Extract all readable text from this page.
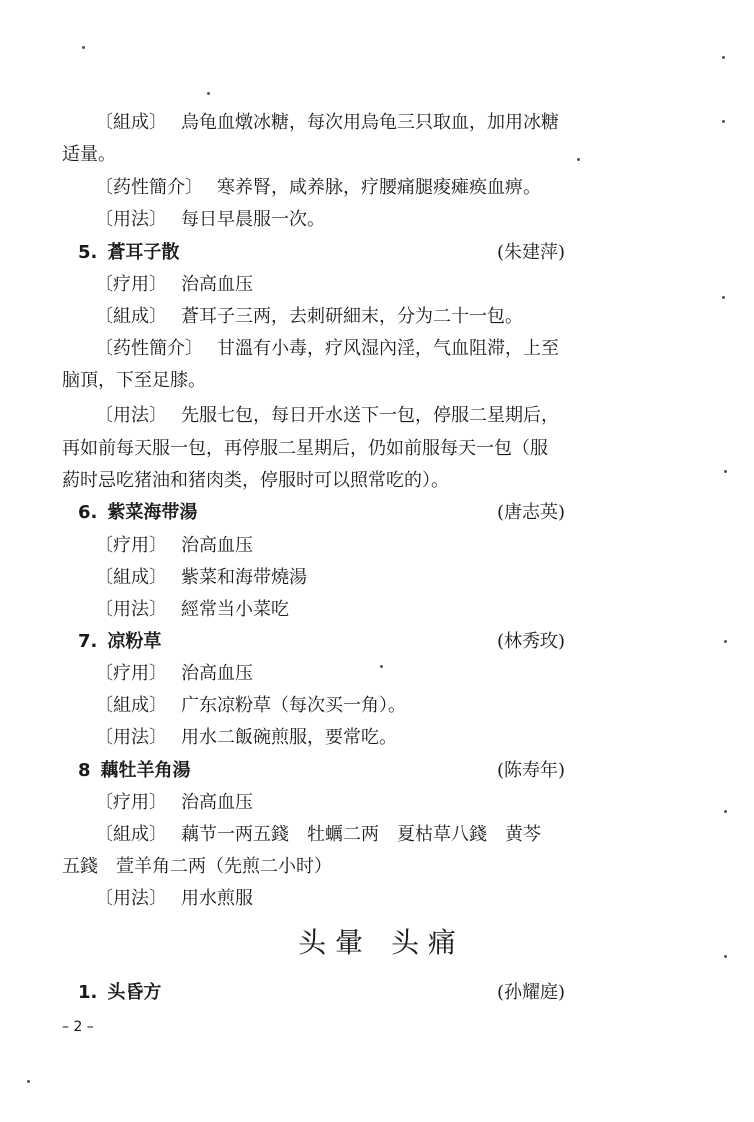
〔組成〕 烏龟血燉冰糖，每次用烏龟三只取血，加用冰糖
适量。
〔药性簡介〕 寒养腎，咸养脉，疗腰痛腿痠瘫痪血痹。
〔用法〕 每日早晨服一次。
5. 蒼耳子散	(朱建萍)
〔疗用〕 治高血压
〔組成〕 蒼耳子三两，去刺研細末，分为二十一包。
〔药性簡介〕 甘溫有小毒，疗风湿內淫，气血阻滞，上至
脑頂，下至足膝。
〔用法〕 先服七包，每日开水送下一包，停服二星期后，
再如前每天服一包，再停服二星期后，仍如前服每天一包（服
葯时忌吃猪油和猪肉类，停服时可以照常吃的）。
6. 紫菜海带湯	(唐志英)
〔疗用〕 治高血压
〔組成〕 紫菜和海带燒湯
〔用法〕 經常当小菜吃
7. 凉粉草	(林秀玫)
〔疗用〕 治高血压
〔組成〕 广东凉粉草（每次买一角）。
〔用法〕 用水二飯碗煎服，要常吃。
8 藕牡羊角湯	(陈寿年)
〔疗用〕 治高血压
〔組成〕 藕节一两五錢　牡蠣二两　夏枯草八錢　黄芩
五錢　萱羊角二两（先煎二小时）
〔用法〕 用水煎服
头 暈 头 痛
1. 头昏方	(孙耀庭)
– 2 –
